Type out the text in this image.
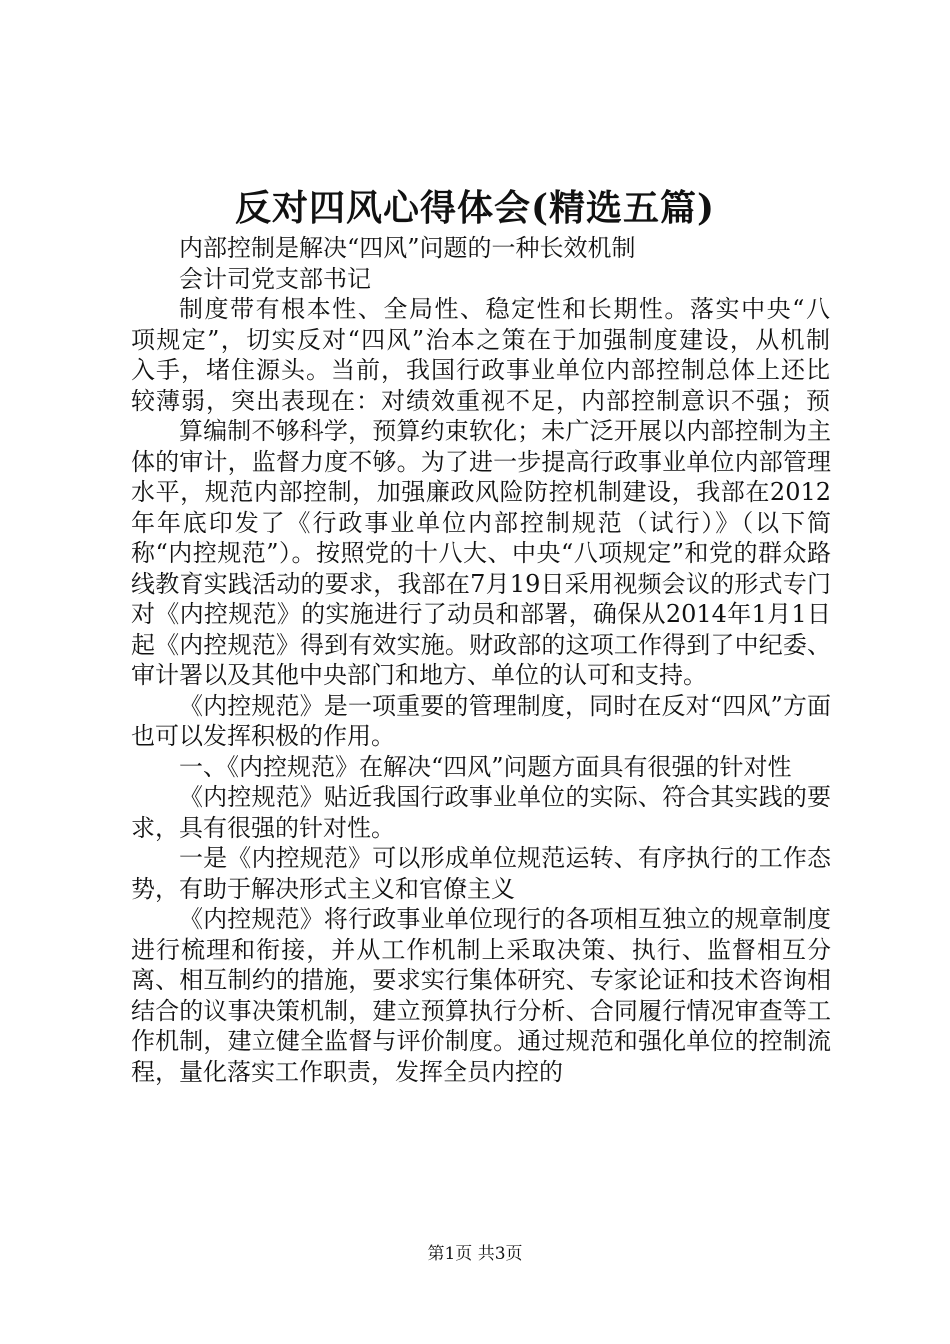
反对四风心得体会(精选五篇)

内部控制是解决“四风”问题的一种长效机制

会计司党支部书记

制度带有根本性、全局性、稳定性和长期性。落实中央“八项规定”，切实反对“四风”治本之策在于加强制度建设，从机制入手，堵住源头。当前，我国行政事业单位内部控制总体上还比较薄弱，突出表现在：对绩效重视不足，内部控制意识不强；预

算编制不够科学，预算约束软化；未广泛开展以内部控制为主体的审计，监督力度不够。为了进一步提高行政事业单位内部管理水平，规范内部控制，加强廉政风险防控机制建设，我部在2012年年底印发了《行政事业单位内部控制规范（试行）》（以下简称“内控规范”）。按照党的十八大、中央“八项规定”和党的群众路线教育实践活动的要求，我部在7月19日采用视频会议的形式专门对《内控规范》的实施进行了动员和部署，确保从2014年1月1日起《内控规范》得到有效实施。财政部的这项工作得到了中纪委、审计署以及其他中央部门和地方、单位的认可和支持。

《内控规范》是一项重要的管理制度，同时在反对“四风”方面也可以发挥积极的作用。

一、《内控规范》在解决“四风”问题方面具有很强的针对性

《内控规范》贴近我国行政事业单位的实际、符合其实践的要求，具有很强的针对性。

一是《内控规范》可以形成单位规范运转、有序执行的工作态势，有助于解决形式主义和官僚主义

《内控规范》将行政事业单位现行的各项相互独立的规章制度进行梳理和衔接，并从工作机制上采取决策、执行、监督相互分离、相互制约的措施，要求实行集体研究、专家论证和技术咨询相结合的议事决策机制，建立预算执行分析、合同履行情况审查等工作机制，建立健全监督与评价制度。通过规范和强化单位的控制流程，量化落实工作职责，发挥全员内控的

第1页 共3页
